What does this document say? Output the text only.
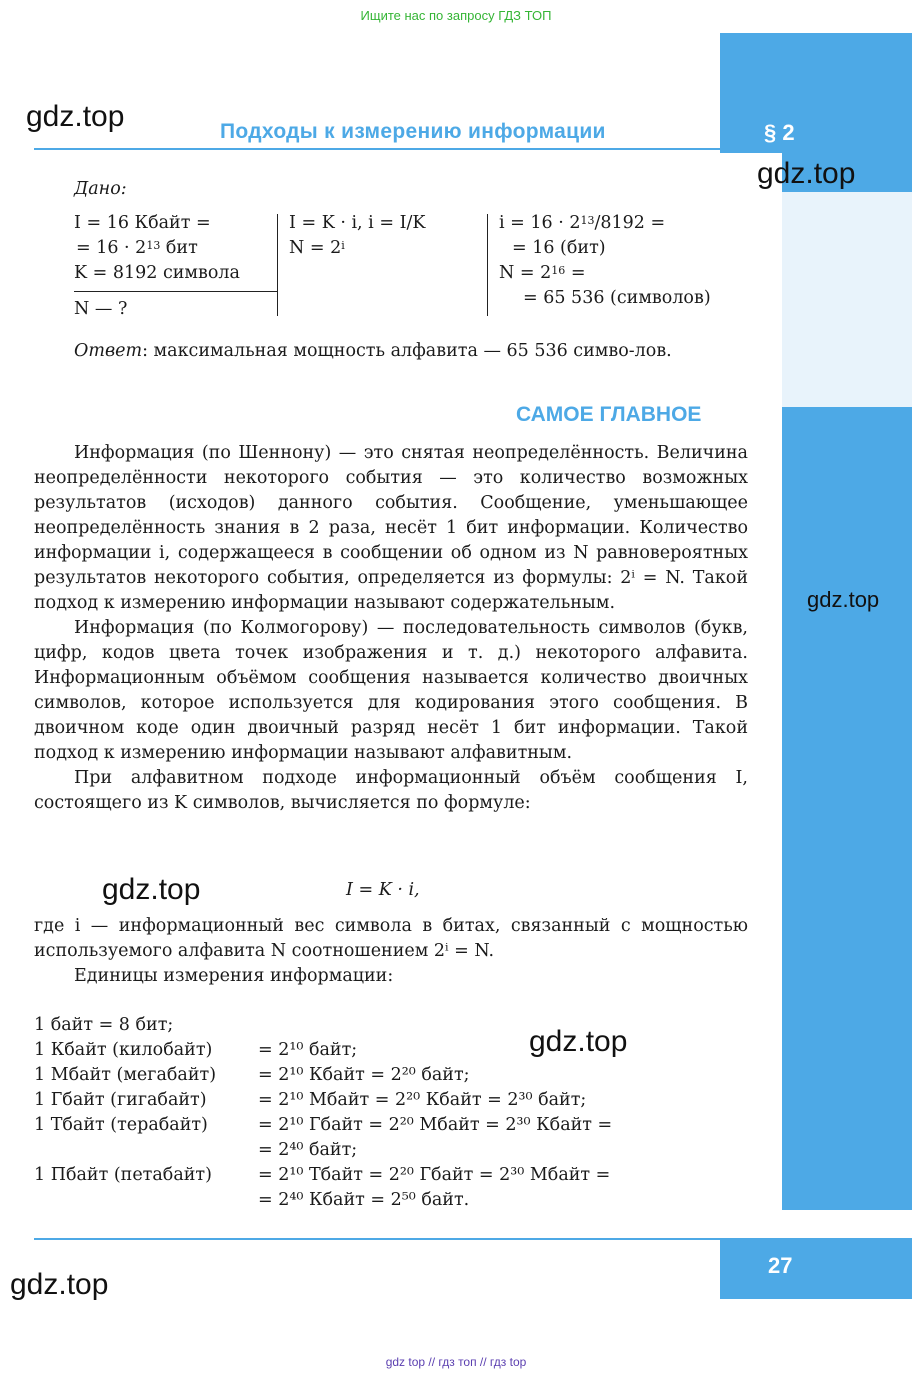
Ищите нас по запросу ГДЗ ТОП
gdz top // гдз топ // гдз top
Подходы к измерению информации	§ 2
27
gdz.top
gdz.top
gdz.top
gdz.top
gdz.top
gdz.top
Дано:
I = 16 Кбайт =
= $16 \cdot 2^{13}$ бит
K = 8192 символа
N — ?
I = K · i, i = I/K
$N = 2^i$
$i = 16 \cdot 2^{13}/8192$ =
= 16 (бит)
$N = 2^{16}$ =
= 65 536 (символов)

Ответ: максимальная мощность алфавита — 65 536 симво-лов.

САМОЕ ГЛАВНОЕ

Информация (по Шеннону) — это снятая неопределённость. Величина неопределённости некоторого события — это количество возможных результатов (исходов) данного события. Сообщение, уменьшающее неопределённость знания в 2 раза, несёт 1 бит информации. Количество информации i, содержащееся в сообщении об одном из N равновероятных результатов некоторого события, определяется из формулы: 2ⁱ = N. Такой подход к измерению информации называют содержательным.

Информация (по Колмогорову) — последовательность символов (букв, цифр, кодов цвета точек изображения и т. д.) некоторого алфавита. Информационным объёмом сообщения называется количество двоичных символов, которое используется для кодирования этого сообщения. В двоичном коде один двоичный разряд несёт 1 бит информации. Такой подход к измерению информации называют алфавитным.

При алфавитном подходе информационный объём сообщения I, состоящего из K символов, вычисляется по формуле:

I = K · i,

где i — информационный вес символа в битах, связанный с мощностью используемого алфавита N соотношением 2ⁱ = N.

Единицы измерения информации:

1 байт = 8 бит;
1 Кбайт (килобайт)	= 2¹⁰ байт;
1 Мбайт (мегабайт) = 2¹⁰ Кбайт = 2²⁰ байт;
1 Гбайт (гигабайт)	= 2¹⁰ Мбайт = 2²⁰ Кбайт = 2³⁰ байт;
1 Тбайт (терабайт)	= 2¹⁰ Гбайт = 2²⁰ Мбайт = 2³⁰ Кбайт =
= 2⁴⁰ байт;
1 Пбайт (петабайт)	= 2¹⁰ Тбайт = 2²⁰ Гбайт = 2³⁰ Мбайт =
= 2⁴⁰ Кбайт = 2⁵⁰ байт.
